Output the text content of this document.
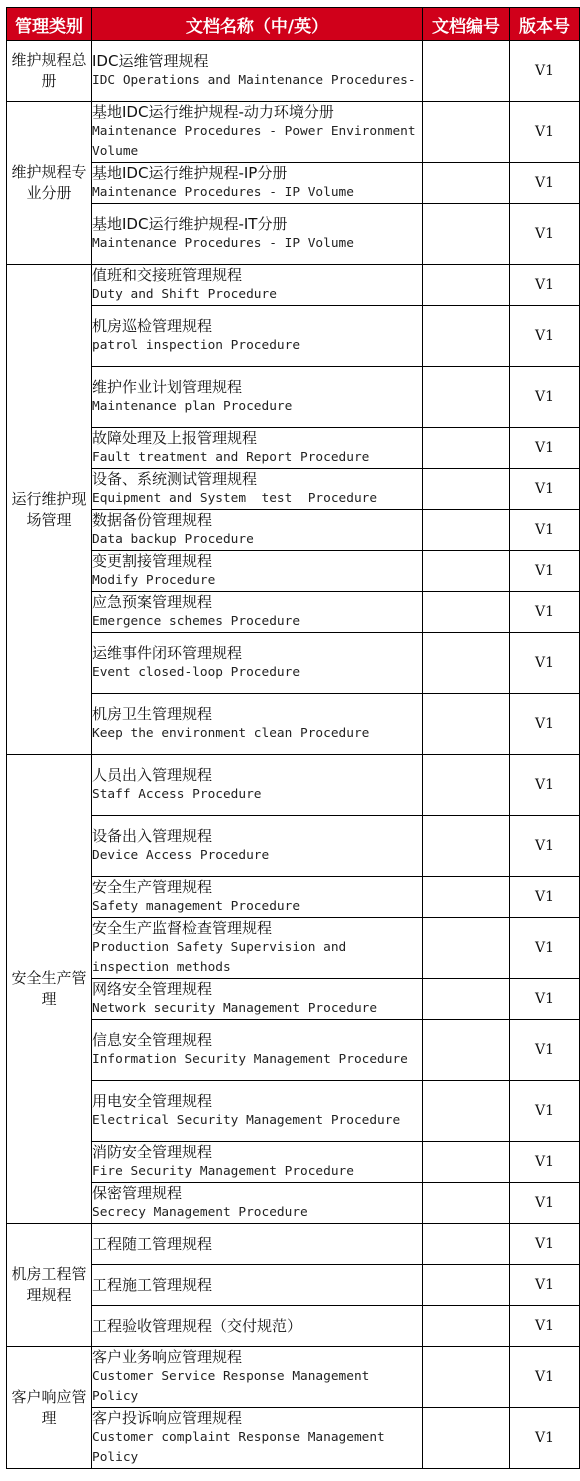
管理类别	文档名称（中/英）	文档编号	版本号
维护规程总册	IDC运维管理规程
IDC Operations and Maintenance Procedures-		V1
维护规程专业分册	基地IDC运行维护规程-动力环境分册
Maintenance Procedures - Power Environment Volume		V1

	基地IDC运行维护规程-IP分册
Maintenance Procedures - IP Volume		V1

	基地IDC运行维护规程-IT分册
Maintenance Procedures - IP Volume		V1
运行维护现场管理	值班和交接班管理规程
Duty and Shift Procedure		V1

	机房巡检管理规程
patrol inspection Procedure		V1

	维护作业计划管理规程
Maintenance plan Procedure		V1

	故障处理及上报管理规程
Fault treatment and Report Procedure		V1

	设备、系统测试管理规程
Equipment and System  test  Procedure		V1

	数据备份管理规程
Data backup Procedure		V1

	变更割接管理规程
Modify Procedure		V1

	应急预案管理规程
Emergence schemes Procedure		V1

	运维事件闭环管理规程
Event closed-loop Procedure		V1

	机房卫生管理规程
Keep the environment clean Procedure		V1
安全生产管理	人员出入管理规程
Staff Access Procedure		V1

	设备出入管理规程
Device Access Procedure		V1

	安全生产管理规程
Safety management Procedure		V1

	安全生产监督检查管理规程
Production Safety Supervision and inspection methods		V1

	网络安全管理规程
Network security Management Procedure		V1

	信息安全管理规程
Information Security Management Procedure		V1

	用电安全管理规程
Electrical Security Management Procedure		V1

	消防安全管理规程
Fire Security Management Procedure		V1

	保密管理规程
Secrecy Management Procedure		V1
机房工程管理规程	工程随工管理规程		V1

	工程施工管理规程		V1

	工程验收管理规程（交付规范）		V1
客户响应管理	客户业务响应管理规程
Customer Service Response Management Policy		V1

	客户投诉响应管理规程
Customer complaint Response Management Policy		V1
